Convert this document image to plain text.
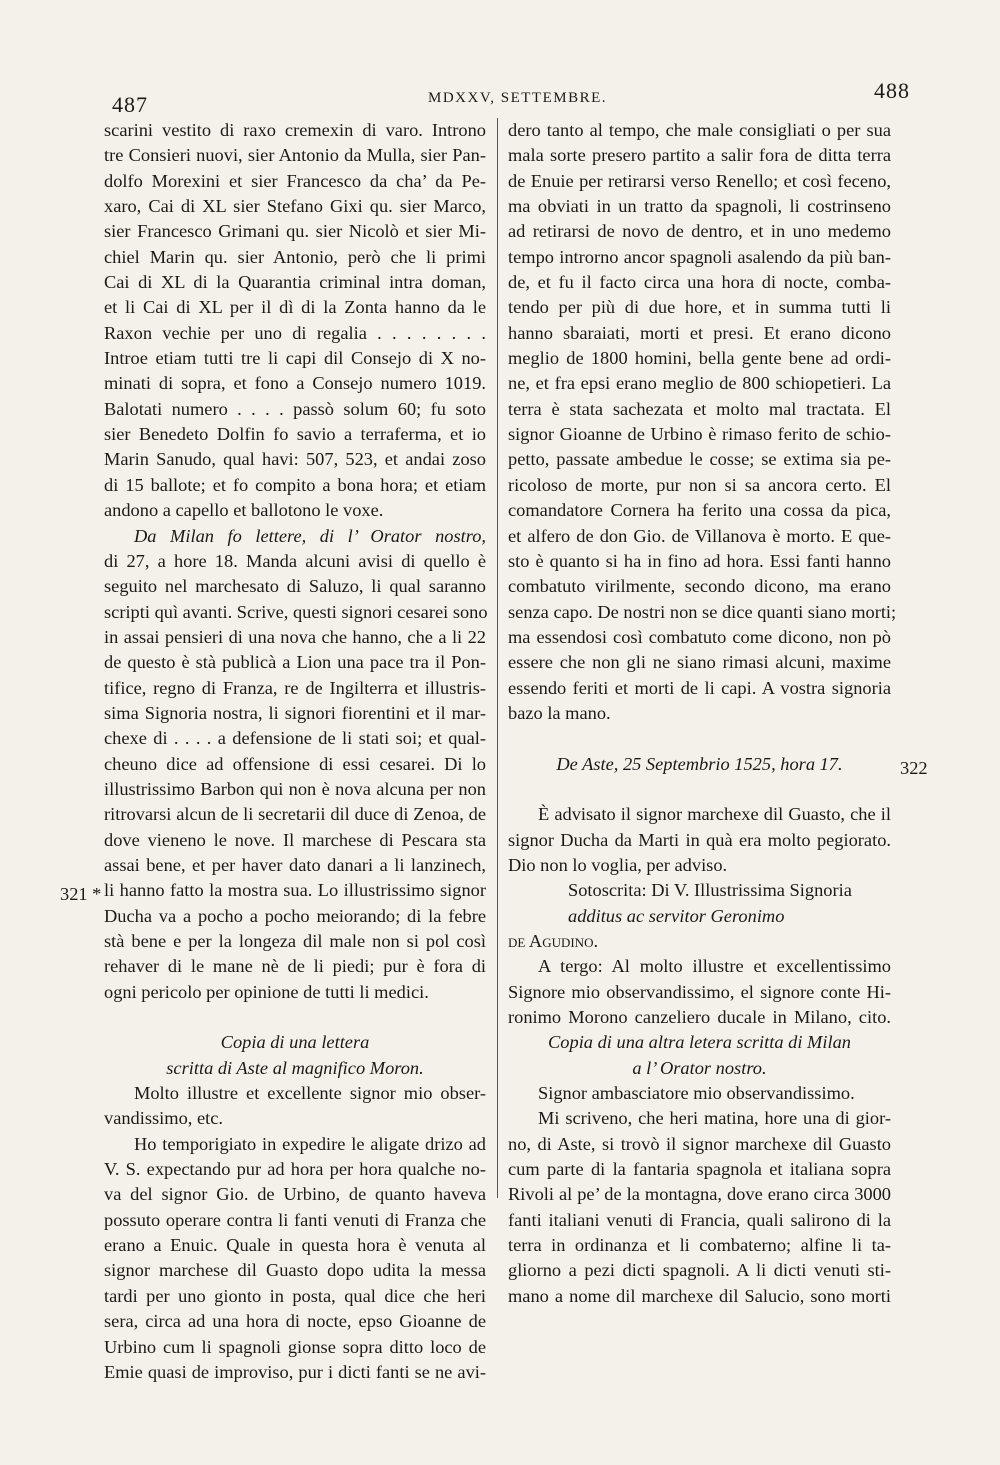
487	MDXXV, SETTEMBRE.	488
321 *
322
scarini vestito di raxo cremexin di varo. Introno
tre Consieri nuovi, sier Antonio da Mulla, sier Pan-
dolfo Morexini et sier Francesco da cha’ da Pe-
xaro, Cai di XL sier Stefano Gixi qu. sier Marco,
sier Francesco Grimani qu. sier Nicolò et sier Mi-
chiel Marin qu. sier Antonio, però che li primi
Cai di XL di la Quarantia criminal intra doman,
et li Cai di XL per il dì di la Zonta hanno da le
Raxon vechie per uno di regalia . . . . . . . .
Introe etiam tutti tre li capi dil Consejo di X no-
minati di sopra, et fono a Consejo numero 1019.
Balotati numero . . . . passò solum 60; fu soto
sier Benedeto Dolfin fo savio a terraferma, et io
Marin Sanudo, qual havi: 507, 523, et andai zoso
di 15 ballote; et fo compito a bona hora; et etiam
andono a capello et ballotono le voxe.
Da Milan fo lettere, di l’ Orator nostro,
di 27, a hore 18. Manda alcuni avisi di quello è
seguito nel marchesato di Saluzo, li qual saranno
scripti quì avanti. Scrive, questi signori cesarei sono
in assai pensieri di una nova che hanno, che a li 22
de questo è stà publicà a Lion una pace tra il Pon-
tifice, regno di Franza, re de Ingilterra et illustris-
sima Signoria nostra, li signori fiorentini et il mar-
chexe di . . . . a defensione de li stati soi; et qual-
cheuno dice ad offensione di essi cesarei. Di lo
illustrissimo Barbon qui non è nova alcuna per non
ritrovarsi alcun de li secretarii dil duce di Zenoa, de
dove vieneno le nove. Il marchese di Pescara sta
assai bene, et per haver dato danari a li lanzinech,
li hanno fatto la mostra sua. Lo illustrissimo signor
Ducha va a pocho a pocho meiorando; di la febre
stà bene e per la longeza dil male non si pol così
rehaver di le mane nè de li piedi; pur è fora di
ogni pericolo per opinione de tutti li medici.
Copia di una lettera
scritta di Aste al magnifico Moron.
Molto illustre et excellente signor mio obser-
vandissimo, etc.
Ho temporigiato in expedire le aligate drizo ad
V. S. expectando pur ad hora per hora qualche no-
va del signor Gio. de Urbino, de quanto haveva
possuto operare contra li fanti venuti di Franza che
erano a Enuic. Quale in questa hora è venuta al
signor marchese dil Guasto dopo udita la messa
tardi per uno gionto in posta, qual dice che heri
sera, circa ad una hora di nocte, epso Gioanne de
Urbino cum li spagnoli gionse sopra ditto loco de
Emie quasi de improviso, pur i dicti fanti se ne avi-
dero tanto al tempo, che male consigliati o per sua
mala sorte presero partito a salir fora de ditta terra
de Enuie per retirarsi verso Renello; et così feceno,
ma obviati in un tratto da spagnoli, li costrinseno
ad retirarsi de novo de dentro, et in uno medemo
tempo introrno ancor spagnoli asalendo da più ban-
de, et fu il facto circa una hora di nocte, comba-
tendo per più di due hore, et in summa tutti li
hanno sbaraiati, morti et presi. Et erano dicono
meglio de 1800 homini, bella gente bene ad ordi-
ne, et fra epsi erano meglio de 800 schiopetieri. La
terra è stata sachezata et molto mal tractata. El
signor Gioanne de Urbino è rimaso ferito de schio-
petto, passate ambedue le cosse; se extima sia pe-
ricoloso de morte, pur non si sa ancora certo. El
comandatore Cornera ha ferito una cossa da pica,
et alfero de don Gio. de Villanova è morto. E que-
sto è quanto si ha in fino ad hora. Essi fanti hanno
combatuto virilmente, secondo dicono, ma erano
senza capo. De nostri non se dice quanti siano morti;
ma essendosi così combatuto come dicono, non pò
essere che non gli ne siano rimasi alcuni, maxime
essendo feriti et morti de li capi. A vostra signoria
bazo la mano.
De Aste, 25 Septembrio 1525, hora 17.
È advisato il signor marchexe dil Guasto, che il
signor Ducha da Marti in quà era molto pegiorato.
Dio non lo voglia, per adviso.
Sotoscrita: Di V. Illustrissima Signoria
additus ac servitor Geronimo
de Agudino.
A tergo: Al molto illustre et excellentissimo
Signore mio observandissimo, el signore conte Hi-
ronimo Morono canzeliero ducale in Milano, cito.
Copia di una altra letera scritta di Milan
a l’ Orator nostro.
Signor ambasciatore mio observandissimo.
Mi scriveno, che heri matina, hore una di gior-
no, di Aste, si trovò il signor marchexe dil Guasto
cum parte di la fantaria spagnola et italiana sopra
Rivoli al pe’ de la montagna, dove erano circa 3000
fanti italiani venuti di Francia, quali salirono di la
terra in ordinanza et li combaterno; alfine li ta-
gliorno a pezi dicti spagnoli. A li dicti venuti sti-
mano a nome dil marchexe dil Salucio, sono morti
